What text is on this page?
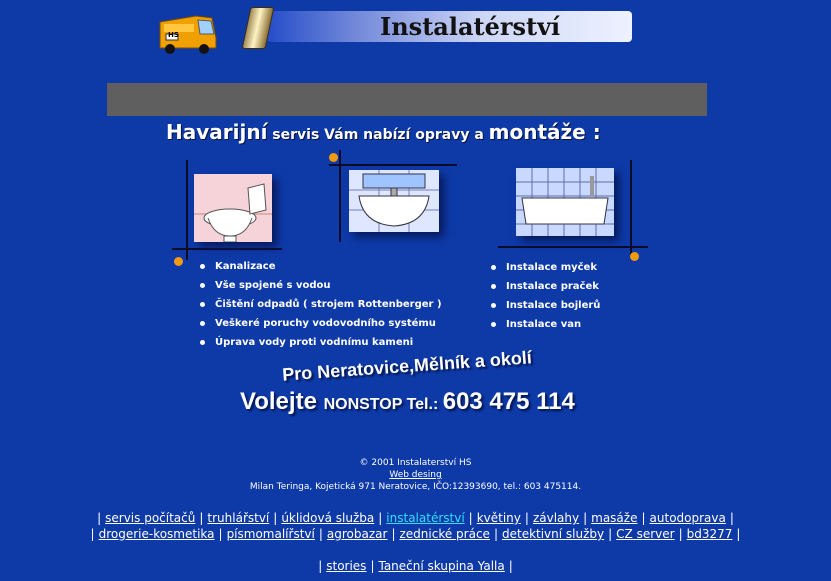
HS	Instalatérství
Havarijní servis Vám nabízí opravy a montáže :
Kanalizace
Vše spojené s vodou
Čištění odpadů ( strojem Rottenberger )
Veškeré poruchy vodovodního systému
Úprava vody proti vodnímu kameni
Instalace myček
Instalace praček
Instalace bojlerů
Instalace van
Pro Neratovice,Mělník a okolí
Volejte NONSTOP Tel.: 603 475 114
© 2001 Instalaterství HS
Web desing
Milan Teringa, Kojetická 971 Neratovice, IČO:12393690, tel.: 603 475114.
| servis počítačů | truhlářství | úklidová služba | instalatérství | květiny | závlahy | masáže | autodoprava |
| drogerie-kosmetika | písmomalířství | agrobazar | zednické práce | detektivní služby | CZ server | bd3277 |
| stories | Taneční skupina Yalla |
